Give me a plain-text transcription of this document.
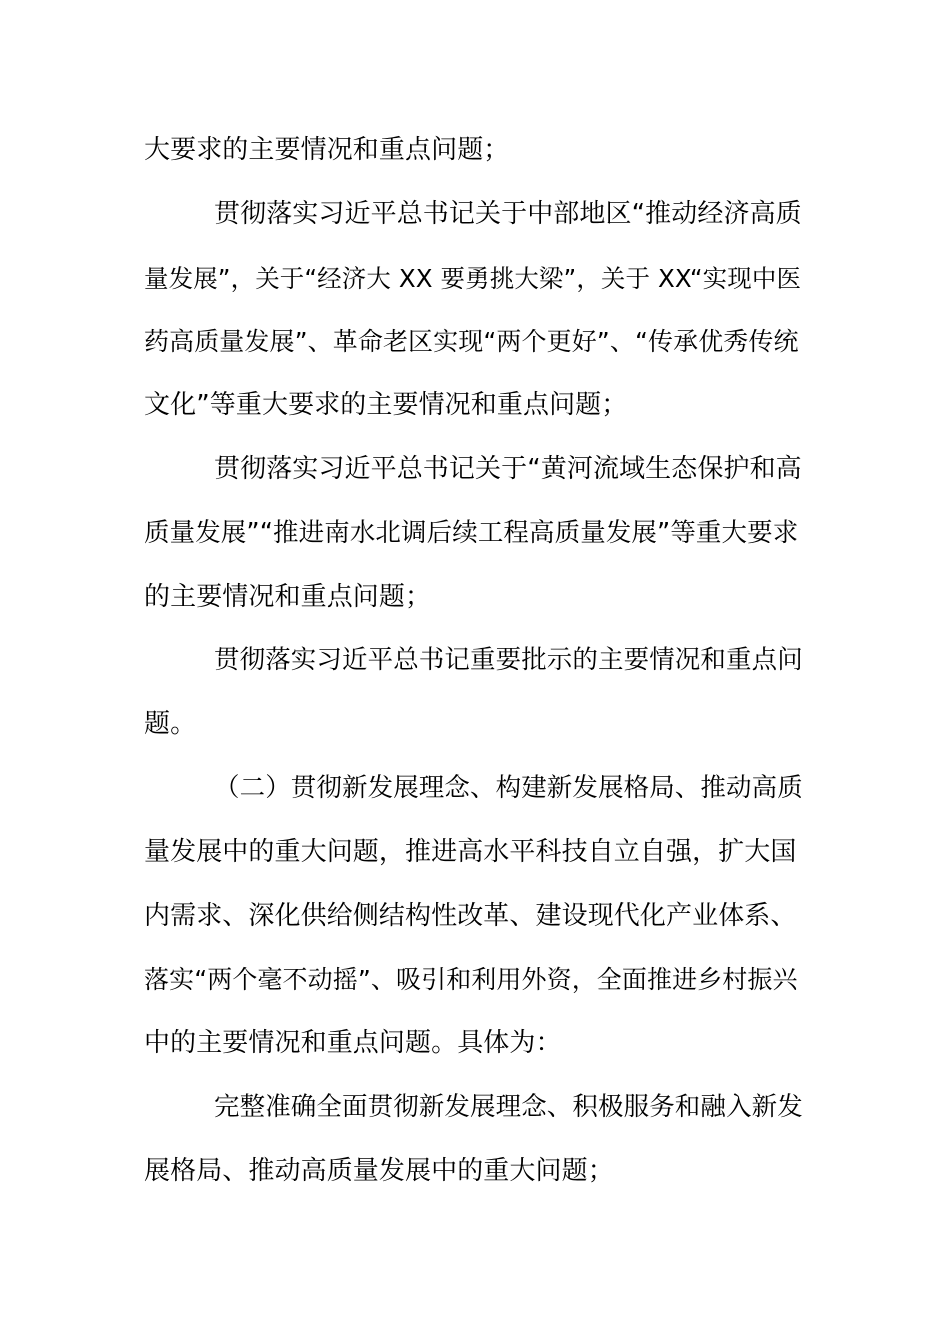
大要求的主要情况和重点问题；
贯彻落实习近平总书记关于中部地区“推动经济高质
量发展”，关于“经济大 XX 要勇挑大梁”，关于 XX“实现中医
药高质量发展”、革命老区实现“两个更好”、“传承优秀传统
文化”等重大要求的主要情况和重点问题；
贯彻落实习近平总书记关于“黄河流域生态保护和高
质量发展”“推进南水北调后续工程高质量发展”等重大要求
的主要情况和重点问题；
贯彻落实习近平总书记重要批示的主要情况和重点问
题。
（二）贯彻新发展理念、构建新发展格局、推动高质
量发展中的重大问题，推进高水平科技自立自强，扩大国
内需求、深化供给侧结构性改革、建设现代化产业体系、
落实“两个毫不动摇”、吸引和利用外资，全面推进乡村振兴
中的主要情况和重点问题。具体为：
完整准确全面贯彻新发展理念、积极服务和融入新发
展格局、推动高质量发展中的重大问题；
